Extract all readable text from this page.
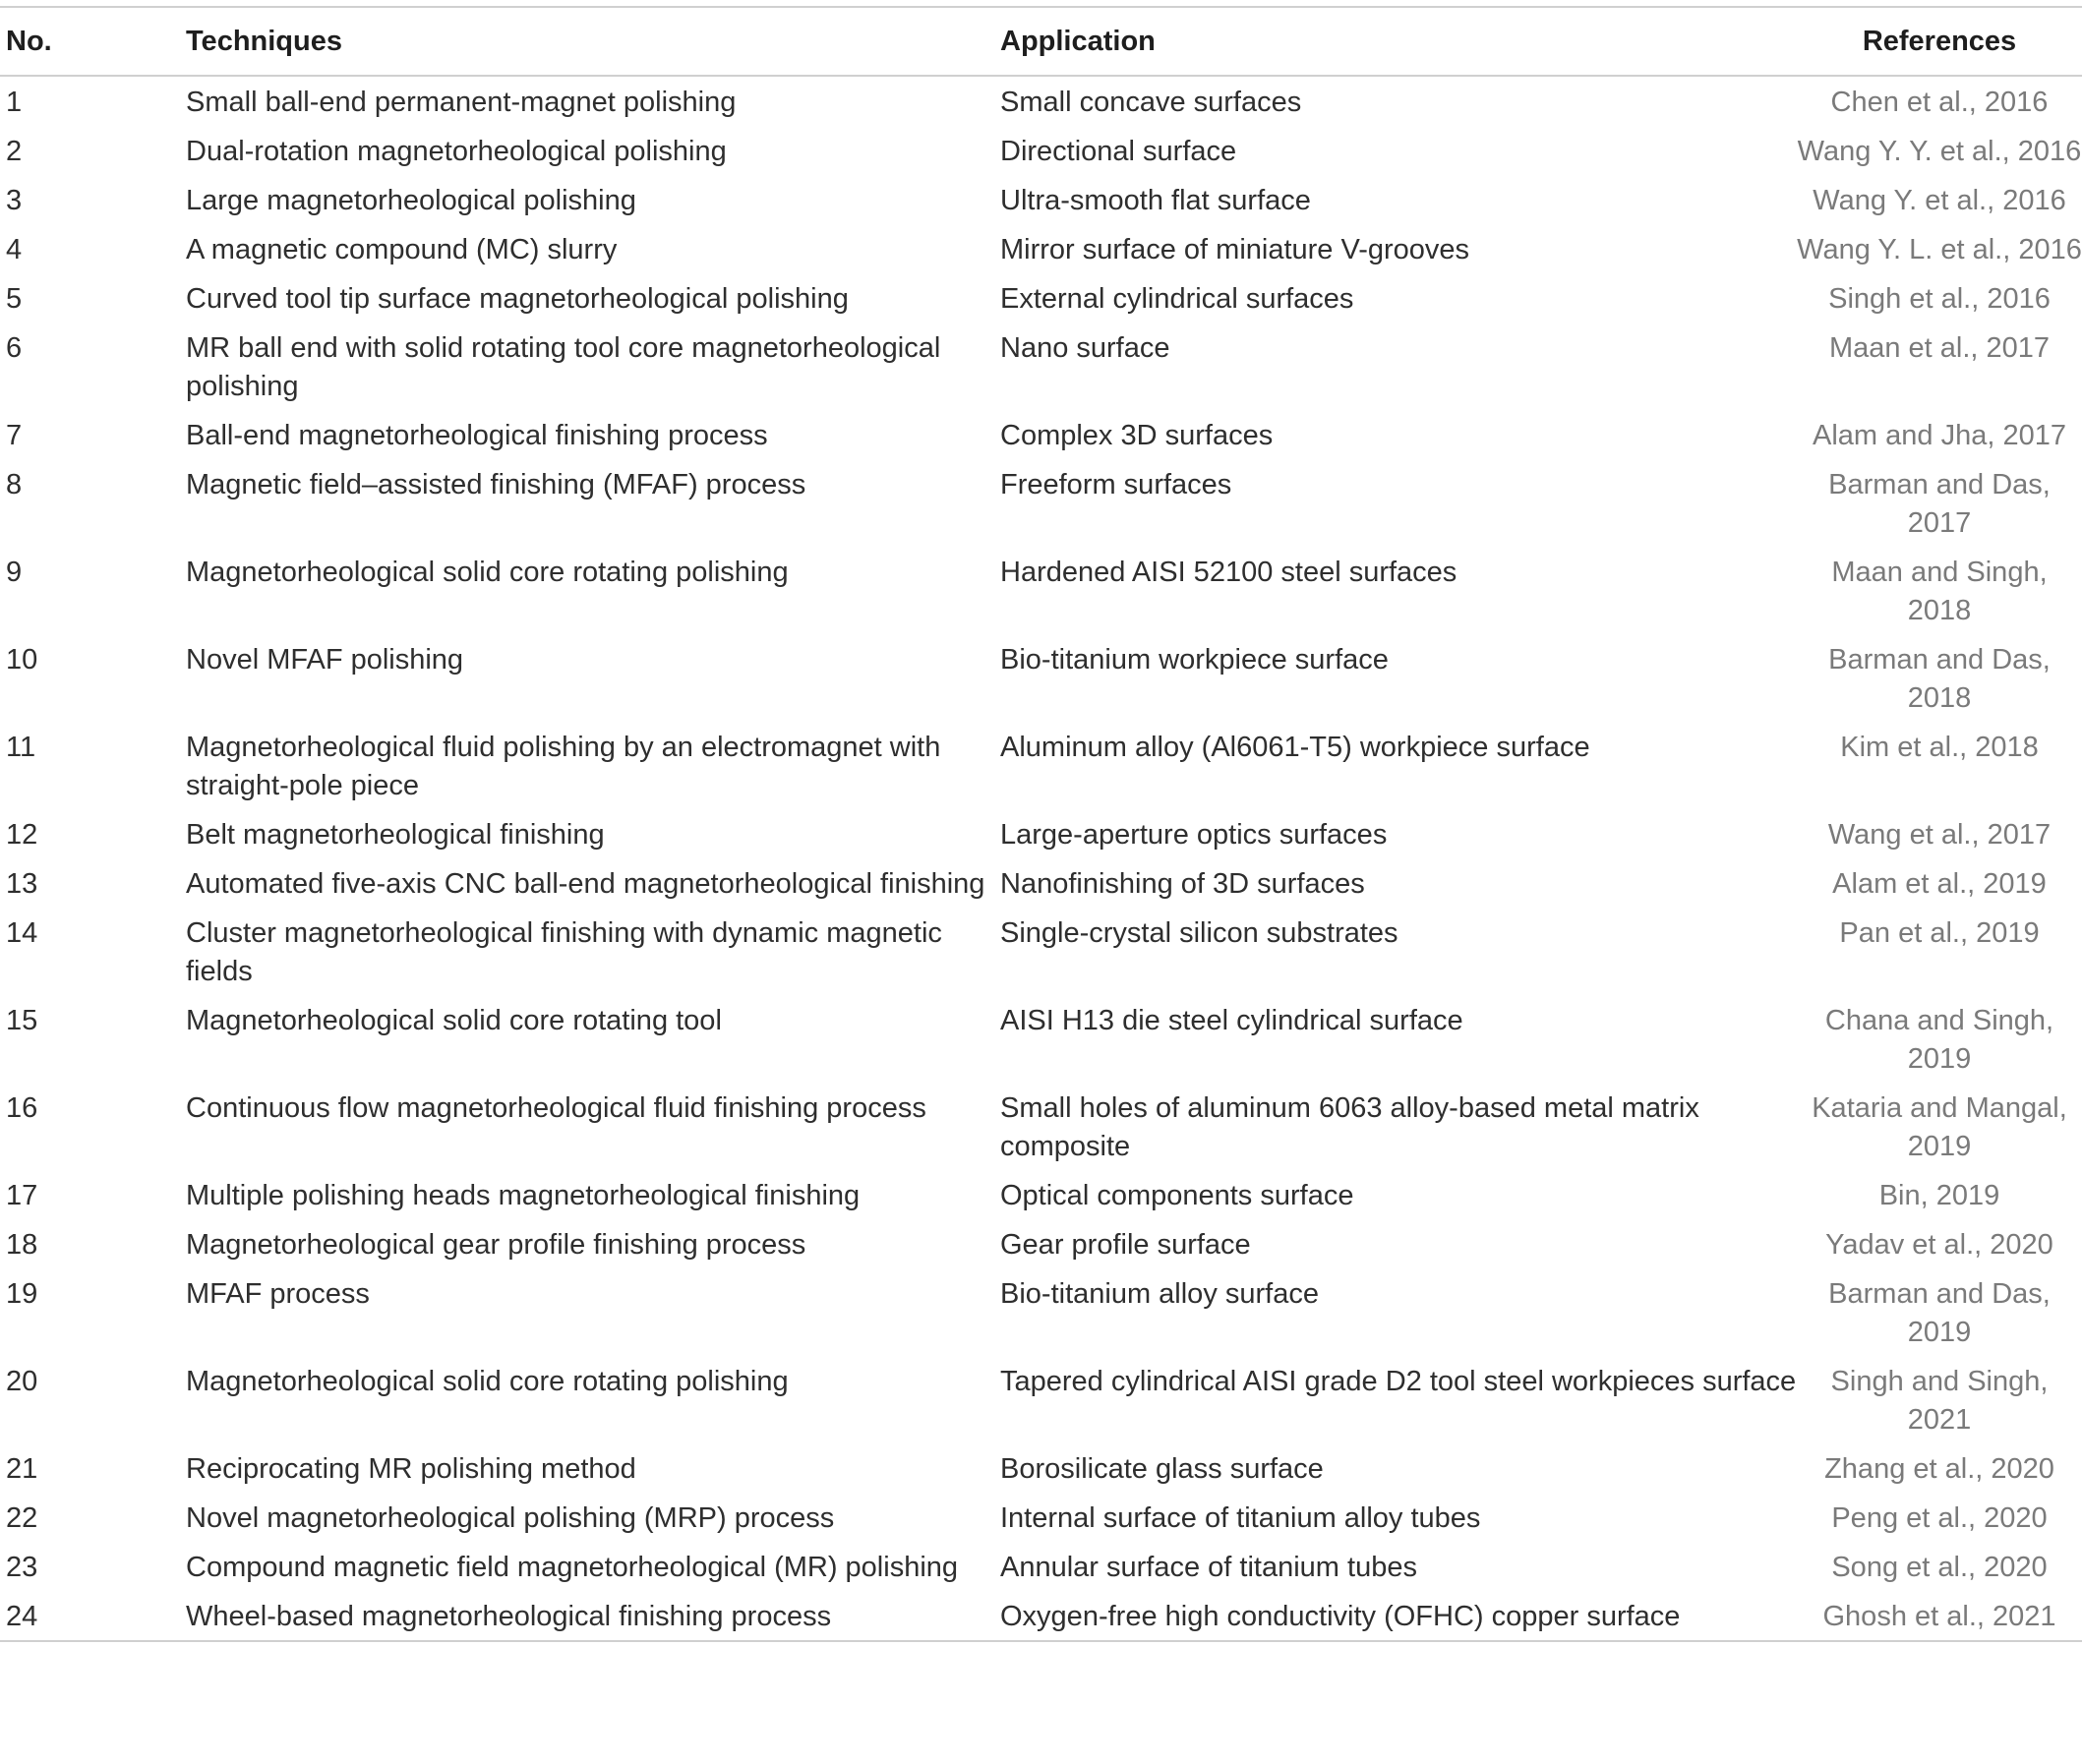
No.	Techniques	Application	References
1	Small ball-end permanent-magnet polishing	Small concave surfaces	Chen et al., 2016
2	Dual-rotation magnetorheological polishing	Directional surface	Wang Y. Y. et al., 2016
3	Large magnetorheological polishing	Ultra-smooth flat surface	Wang Y. et al., 2016
4	A magnetic compound (MC) slurry	Mirror surface of miniature V-grooves	Wang Y. L. et al., 2016
5	Curved tool tip surface magnetorheological polishing	External cylindrical surfaces	Singh et al., 2016
6	MR ball end with solid rotating tool core magnetorheological polishing	Nano surface	Maan et al., 2017
7	Ball-end magnetorheological finishing process	Complex 3D surfaces	Alam and Jha, 2017
8	Magnetic field–assisted finishing (MFAF) process	Freeform surfaces	Barman and Das, 2017
9	Magnetorheological solid core rotating polishing	Hardened AISI 52100 steel surfaces	Maan and Singh, 2018
10	Novel MFAF polishing	Bio-titanium workpiece surface	Barman and Das, 2018
11	Magnetorheological fluid polishing by an electromagnet with straight-pole piece	Aluminum alloy (Al6061-T5) workpiece surface	Kim et al., 2018
12	Belt magnetorheological finishing	Large-aperture optics surfaces	Wang et al., 2017
13	Automated five-axis CNC ball-end magnetorheological finishing	Nanofinishing of 3D surfaces	Alam et al., 2019
14	Cluster magnetorheological finishing with dynamic magnetic fields	Single-crystal silicon substrates	Pan et al., 2019
15	Magnetorheological solid core rotating tool	AISI H13 die steel cylindrical surface	Chana and Singh, 2019
16	Continuous flow magnetorheological fluid finishing process	Small holes of aluminum 6063 alloy-based metal matrix composite	Kataria and Mangal, 2019
17	Multiple polishing heads magnetorheological finishing	Optical components surface	Bin, 2019
18	Magnetorheological gear profile finishing process	Gear profile surface	Yadav et al., 2020
19	MFAF process	Bio-titanium alloy surface	Barman and Das, 2019
20	Magnetorheological solid core rotating polishing	Tapered cylindrical AISI grade D2 tool steel workpieces surface	Singh and Singh, 2021
21	Reciprocating MR polishing method	Borosilicate glass surface	Zhang et al., 2020
22	Novel magnetorheological polishing (MRP) process	Internal surface of titanium alloy tubes	Peng et al., 2020
23	Compound magnetic field magnetorheological (MR) polishing	Annular surface of titanium tubes	Song et al., 2020
24	Wheel-based magnetorheological finishing process	Oxygen-free high conductivity (OFHC) copper surface	Ghosh et al., 2021
